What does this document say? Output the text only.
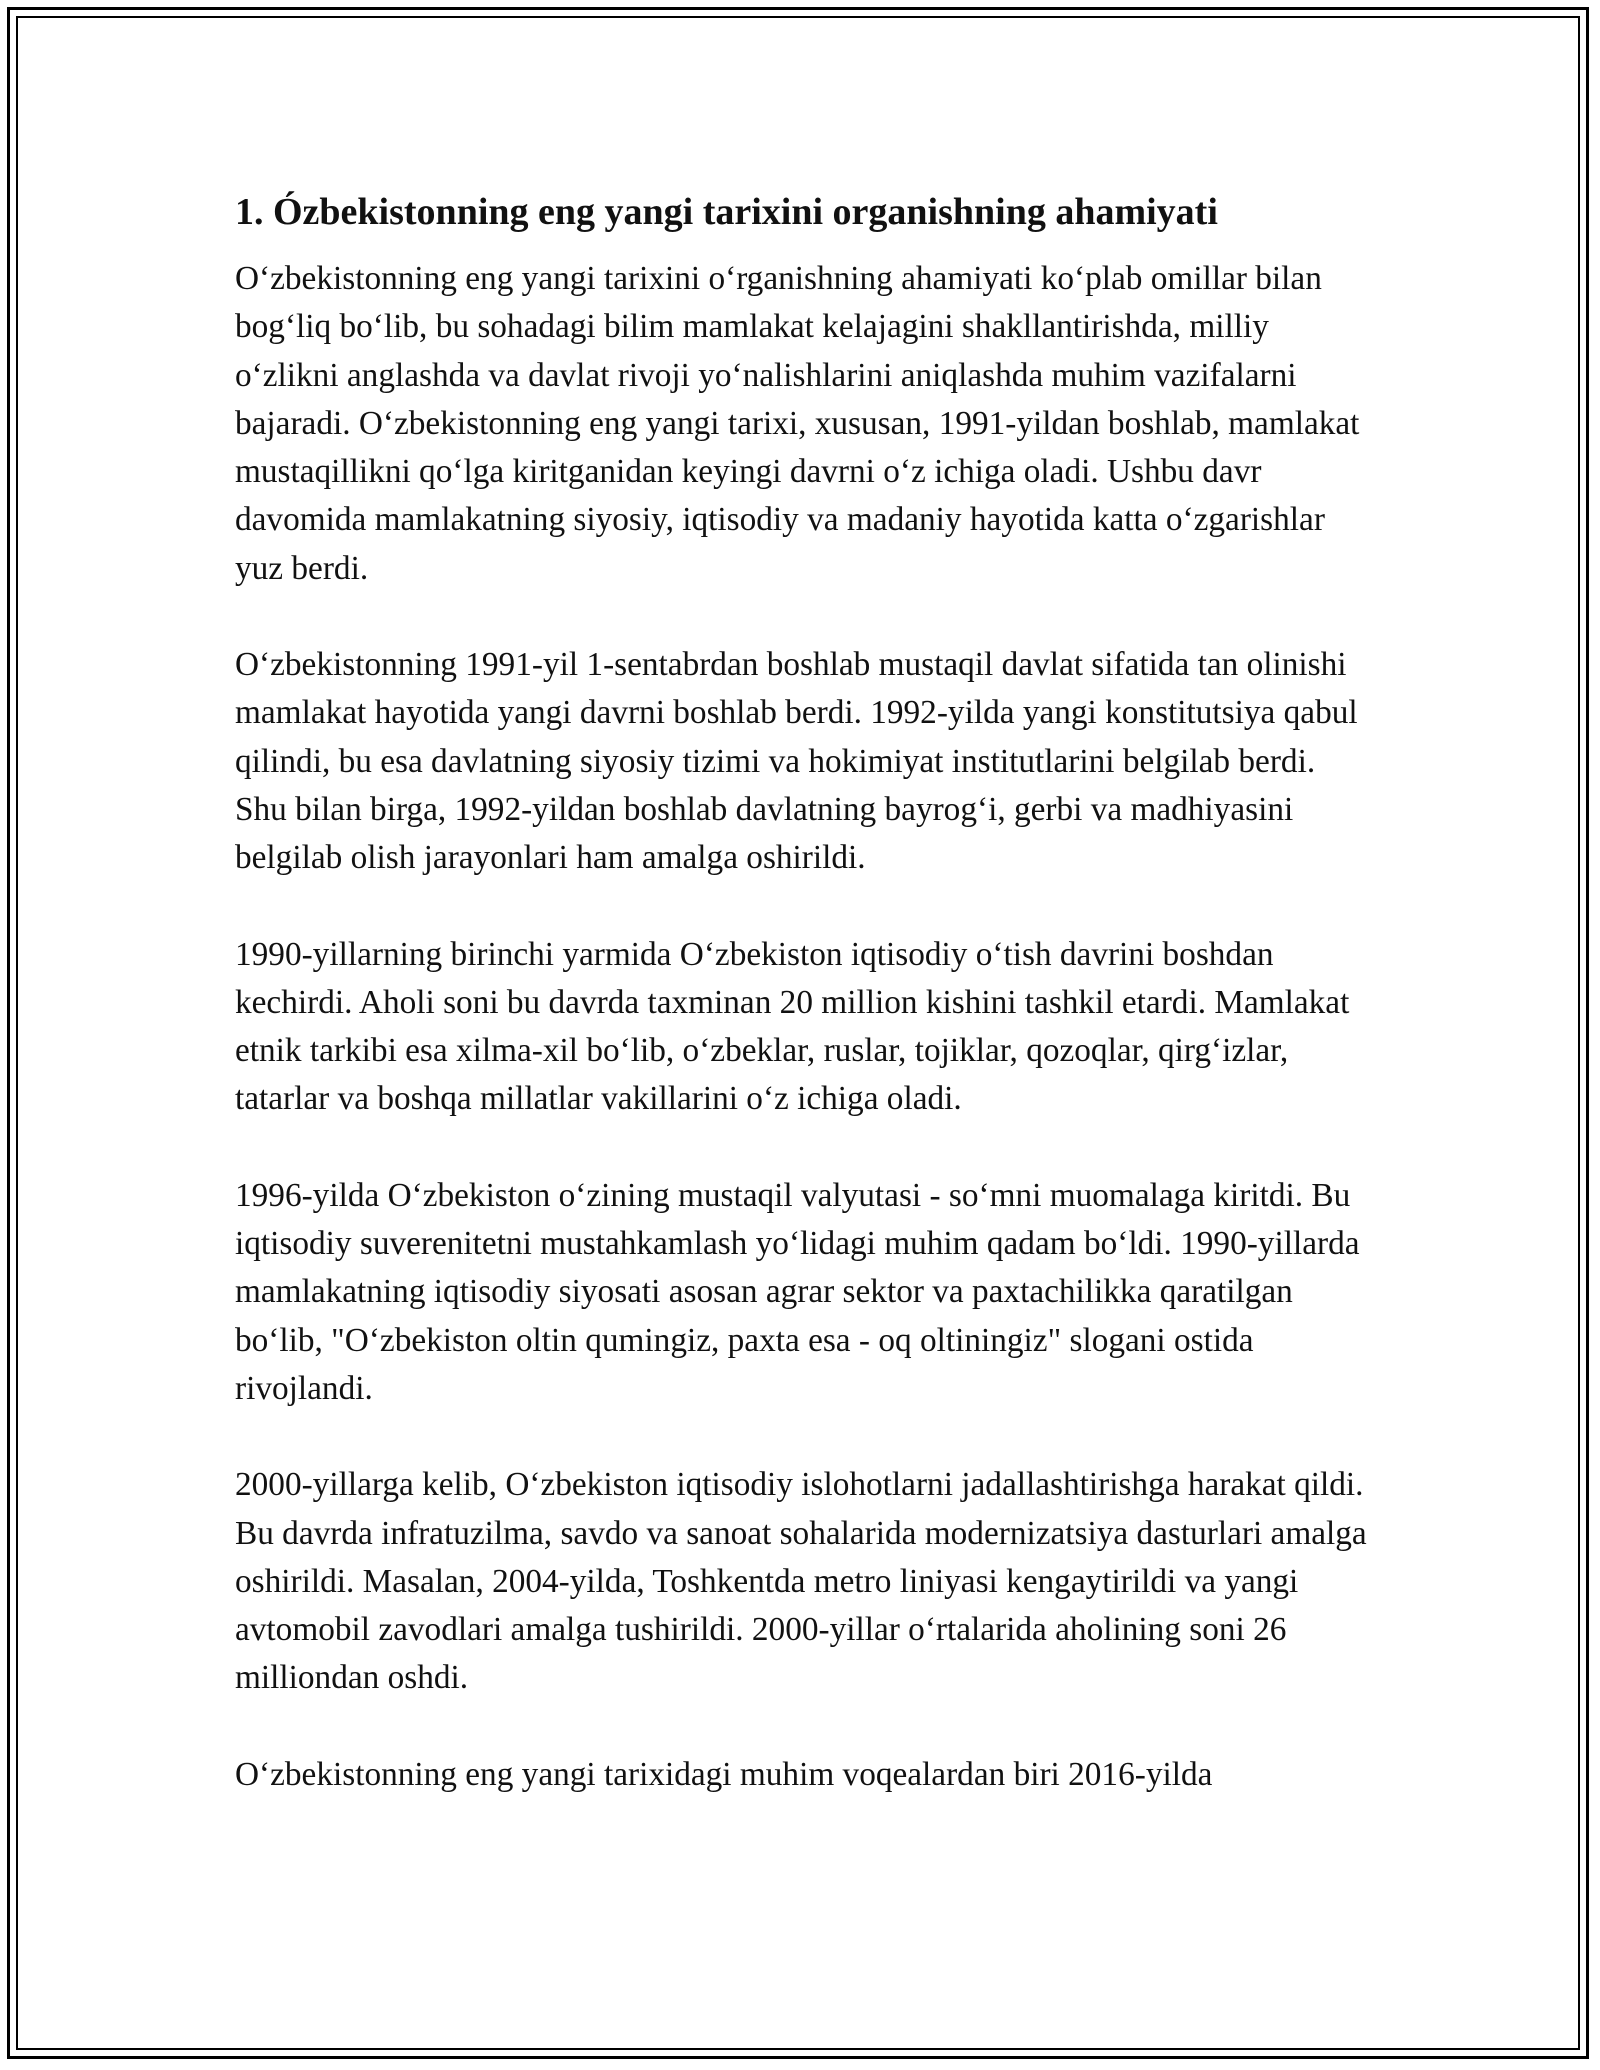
1. Ózbekistonning eng yangi tarixini organishning ahamiyati

O‘zbekistonning eng yangi tarixini o‘rganishning ahamiyati ko‘plab omillar bilan bog‘liq bo‘lib, bu sohadagi bilim mamlakat kelajagini shakllantirishda, milliy o‘zlikni anglashda va davlat rivoji yo‘nalishlarini aniqlashda muhim vazifalarni bajaradi. O‘zbekistonning eng yangi tarixi, xususan, 1991-yildan boshlab, mamlakat mustaqillikni qo‘lga kiritganidan keyingi davrni o‘z ichiga oladi. Ushbu davr davomida mamlakatning siyosiy, iqtisodiy va madaniy hayotida katta o‘zgarishlar yuz berdi.

O‘zbekistonning 1991-yil 1-sentabrdan boshlab mustaqil davlat sifatida tan olinishi mamlakat hayotida yangi davrni boshlab berdi. 1992-yilda yangi konstitutsiya qabul qilindi, bu esa davlatning siyosiy tizimi va hokimiyat institutlarini belgilab berdi. Shu bilan birga, 1992-yildan boshlab davlatning bayrog‘i, gerbi va madhiyasini belgilab olish jarayonlari ham amalga oshirildi.

1990-yillarning birinchi yarmida O‘zbekiston iqtisodiy o‘tish davrini boshdan kechirdi. Aholi soni bu davrda taxminan 20 million kishini tashkil etardi. Mamlakat etnik tarkibi esa xilma-xil bo‘lib, o‘zbeklar, ruslar, tojiklar, qozoqlar, qirg‘izlar, tatarlar va boshqa millatlar vakillarini o‘z ichiga oladi.

1996-yilda O‘zbekiston o‘zining mustaqil valyutasi - so‘mni muomalaga kiritdi. Bu iqtisodiy suverenitetni mustahkamlash yo‘lidagi muhim qadam bo‘ldi. 1990-yillarda mamlakatning iqtisodiy siyosati asosan agrar sektor va paxtachilikka qaratilgan bo‘lib, "O‘zbekiston oltin qumingiz, paxta esa - oq oltiningiz" slogani ostida rivojlandi.

2000-yillarga kelib, O‘zbekiston iqtisodiy islohotlarni jadallashtirishga harakat qildi. Bu davrda infratuzilma, savdo va sanoat sohalarida modernizatsiya dasturlari amalga oshirildi. Masalan, 2004-yilda, Toshkentda metro liniyasi kengaytirildi va yangi avtomobil zavodlari amalga tushirildi. 2000-yillar o‘rtalarida aholining soni 26 milliondan oshdi.

O‘zbekistonning eng yangi tarixidagi muhim voqealardan biri 2016-yilda
